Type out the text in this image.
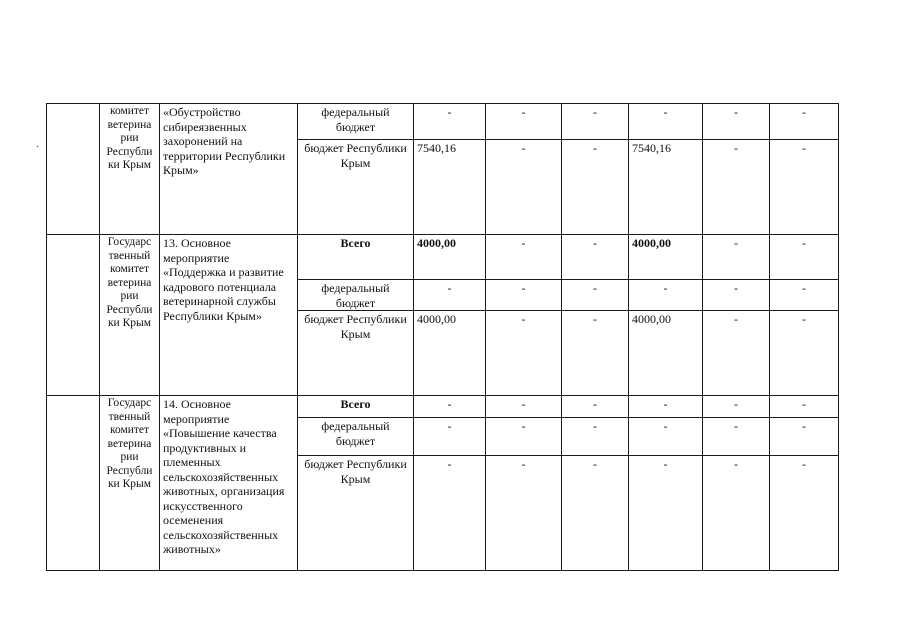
·
	комитет ветерина рии Республи ки Крым	«Обустройство сибиреязвенных захоронений на территории Республики Крым»	федеральный бюджет	-	-	-	-	-	-
			бюджет Республики Крым	7540,16	-	-	7540,16	-	-
	Государс твенный комитет ветерина рии Республи ки Крым	13. Основное мероприятие «Поддержка и развитие кадрового потенциала ветеринарной службы Республики Крым»	Всего	4000,00	-	-	4000,00	-	-
			федеральный бюджет	-	-	-	-	-	-
			бюджет Республики Крым	4000,00	-	-	4000,00	-	-
	Государс твенный комитет ветерина рии Республи ки Крым	14. Основное мероприятие «Повышение качества продуктивных и племенных сельскохозяйственных животных, организация искусственного осеменения сельскохозяйственных животных»	Всего	-	-	-	-	-	-
			федеральный бюджет	-	-	-	-	-	-
			бюджет Республики Крым	-	-	-	-	-	-
